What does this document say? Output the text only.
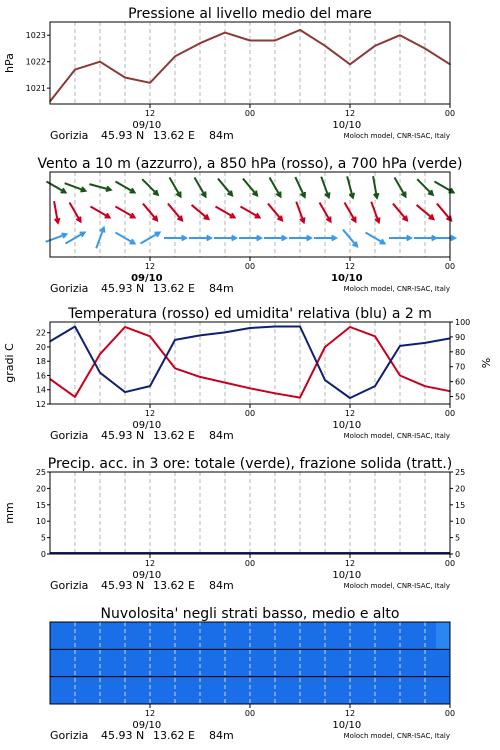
Pressione al livello medio del mare
12	00	12	00
09/10	10/10
Gorizia 45.93 N 13.62 E 84m	Moloch model, CNR-ISAC, Italy
1021
1022
1023
hPa
Vento a 10 m (azzurro), a 850 hPa (rosso), a 700 hPa (verde)
12	00	12	00
09/10	10/10
Gorizia 45.93 N 13.62 E 84m	Moloch model, CNR-ISAC, Italy
Temperatura (rosso) ed umidita' relativa (blu) a 2 m
12	00	12	00
09/10	10/10
Gorizia 45.93 N 13.62 E 84m	Moloch model, CNR-ISAC, Italy
12
14
16
18
20
22
gradi C
50
60
70
80
90
100
%
Precip. acc. in 3 ore: totale (verde), frazione solida (tratt.)
12	00	12	00
09/10	10/10
Gorizia 45.93 N 13.62 E 84m	Moloch model, CNR-ISAC, Italy
0
5
10
15
20
25
mm
0
5
10
15
20
25
Nuvolosita' negli strati basso, medio e alto
12	00	12	00
09/10	10/10
Gorizia 45.93 N 13.62 E 84m	Moloch model, CNR-ISAC, Italy
